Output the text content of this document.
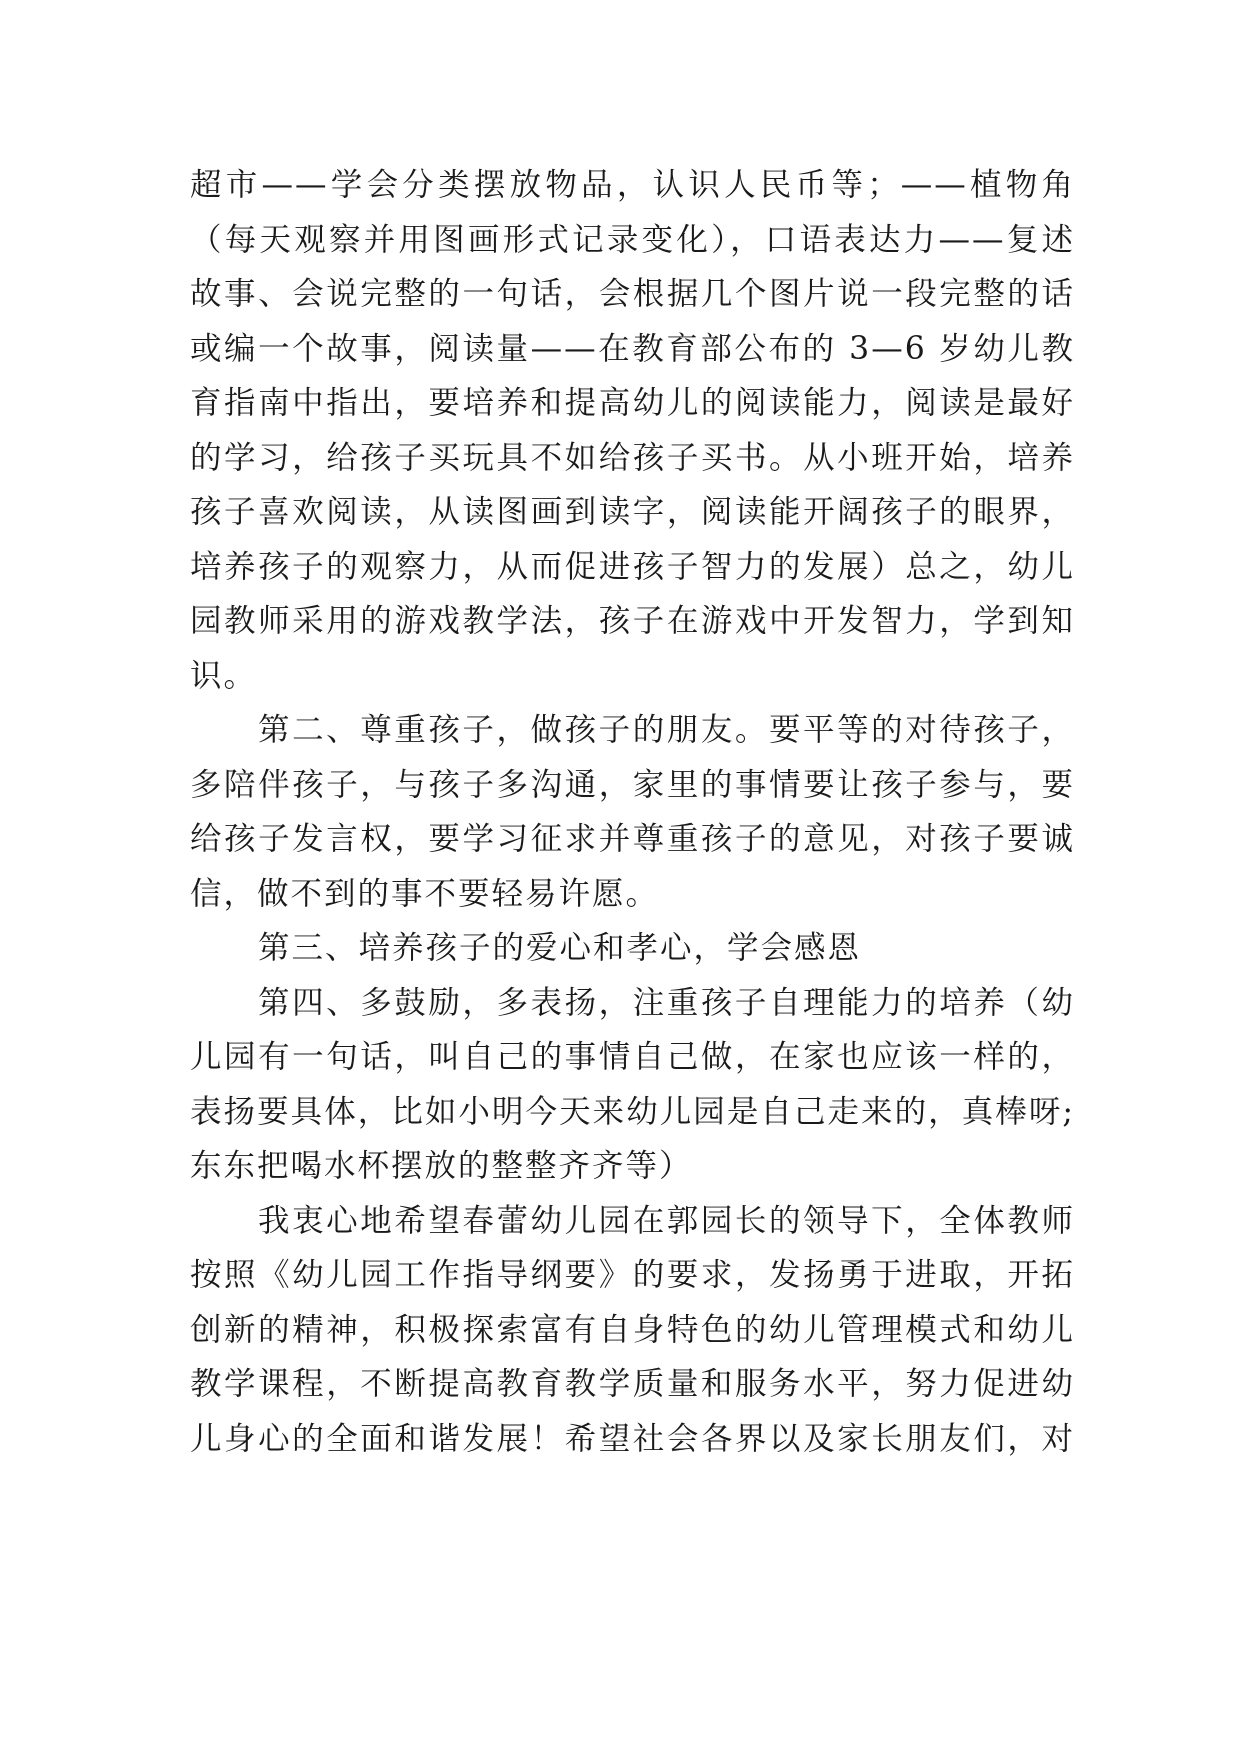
超市——学会分类摆放物品，认识人民币等；——植物角
（每天观察并用图画形式记录变化），口语表达力——复述
故事、会说完整的一句话，会根据几个图片说一段完整的话
或编一个故事，阅读量——在教育部公布的 3—6 岁幼儿教
育指南中指出，要培养和提高幼儿的阅读能力，阅读是最好
的学习，给孩子买玩具不如给孩子买书。从小班开始，培养
孩子喜欢阅读，从读图画到读字，阅读能开阔孩子的眼界，
培养孩子的观察力，从而促进孩子智力的发展）总之，幼儿
园教师采用的游戏教学法，孩子在游戏中开发智力，学到知
识。
第二、尊重孩子，做孩子的朋友。要平等的对待孩子，
多陪伴孩子，与孩子多沟通，家里的事情要让孩子参与，要
给孩子发言权，要学习征求并尊重孩子的意见，对孩子要诚
信，做不到的事不要轻易许愿。
第三、培养孩子的爱心和孝心，学会感恩
第四、多鼓励，多表扬，注重孩子自理能力的培养（幼
儿园有一句话，叫自己的事情自己做，在家也应该一样的，
表扬要具体，比如小明今天来幼儿园是自己走来的，真棒呀;
东东把喝水杯摆放的整整齐齐等）
我衷心地希望春蕾幼儿园在郭园长的领导下，全体教师
按照《幼儿园工作指导纲要》的要求，发扬勇于进取，开拓
创新的精神，积极探索富有自身特色的幼儿管理模式和幼儿
教学课程，不断提高教育教学质量和服务水平，努力促进幼
儿身心的全面和谐发展！希望社会各界以及家长朋友们，对
